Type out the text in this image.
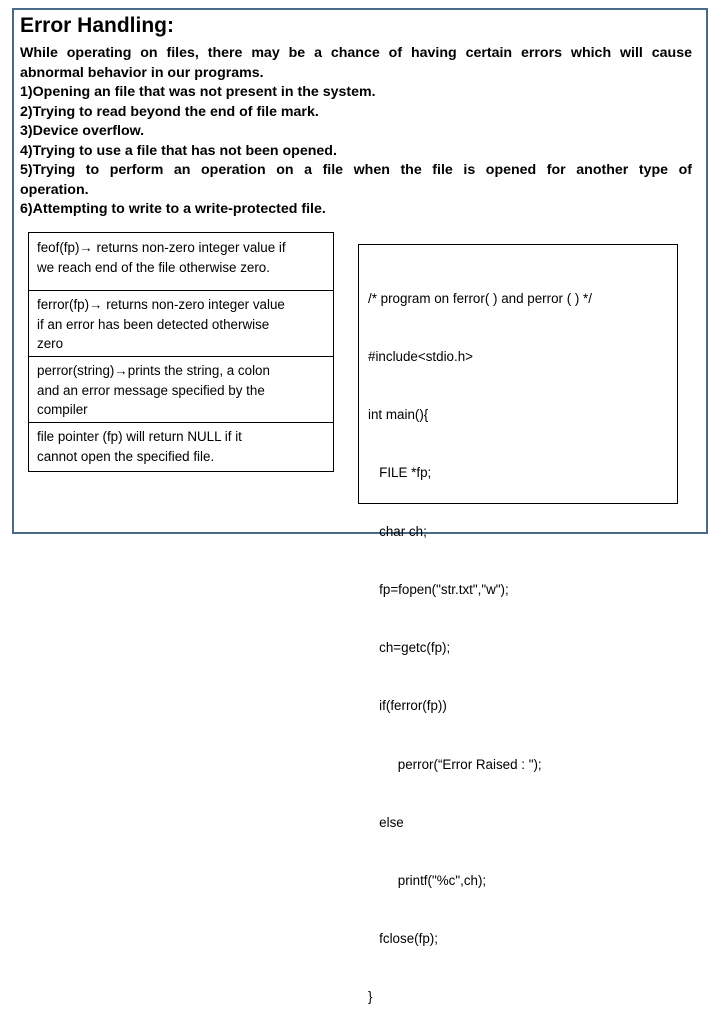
Error Handling:

While operating on files, there may be a chance of having certain errors which will cause

abnormal behavior in our programs.

1)Opening an file that was not present in the system.

2)Trying to read beyond the end of file mark.

3)Device overflow.

4)Trying to use a file that has not been opened.

5)Trying to perform an operation on a file when the file is opened for another type of

operation.

6)Attempting to write to a write-protected file.

feof(fp)→ returns non-zero integer value if
we reach end of the file otherwise zero.
ferror(fp)→ returns non-zero integer value
if an error has been detected otherwise
zero
perror(string)→prints the string, a colon
and an error message specified by the
compiler
file pointer (fp) will return NULL if it
cannot open the specified file.

/* program on ferror( ) and perror ( ) */

#include<stdio.h>

int main(){

FILE *fp;

char ch;

fp=fopen("str.txt","w");

ch=getc(fp);

if(ferror(fp))

perror(“Error Raised : ");

else

printf("%c",ch);

fclose(fp);

}
